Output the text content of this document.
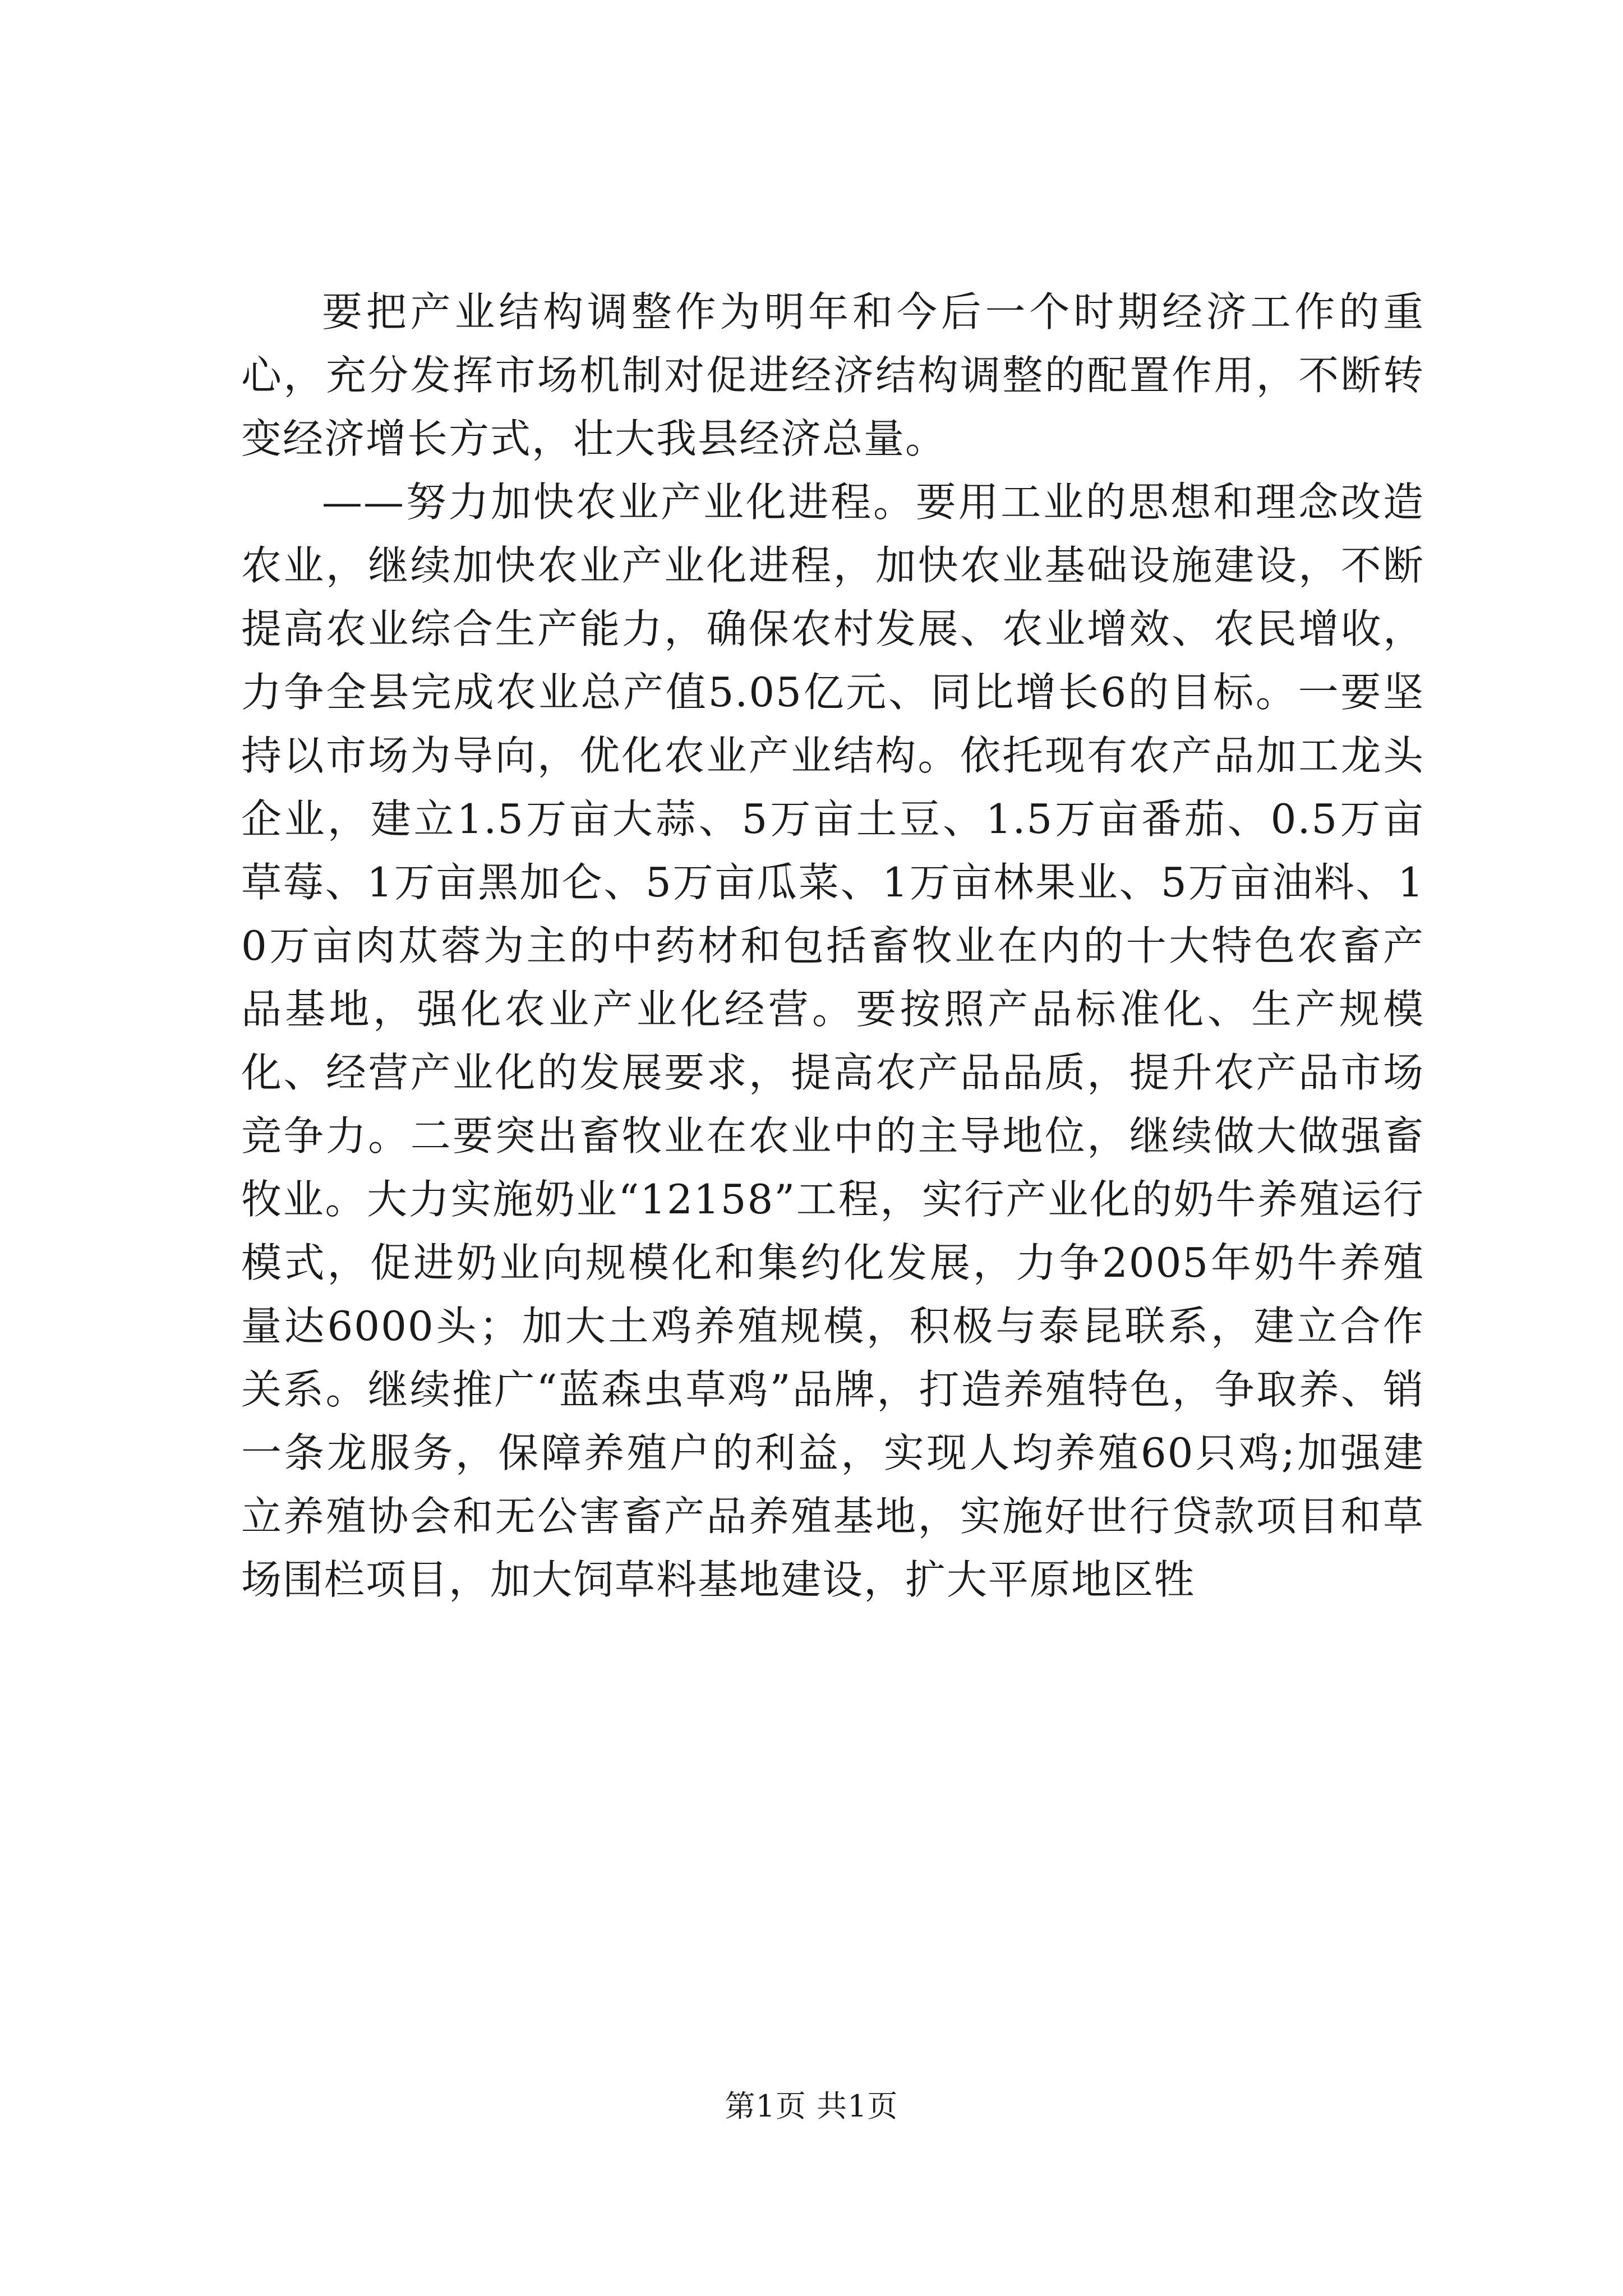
要把产业结构调整作为明年和今后一个时期经济工作的重心，充分发挥市场机制对促进经济结构调整的配置作用，不断转变经济增长方式，壮大我县经济总量。

——努力加快农业产业化进程。要用工业的思想和理念改造农业，继续加快农业产业化进程，加快农业基础设施建设，不断提高农业综合生产能力，确保农村发展、农业增效、农民增收，力争全县完成农业总产值5.05亿元、同比增长6的目标。一要坚持以市场为导向，优化农业产业结构。依托现有农产品加工龙头企业，建立1.5万亩大蒜、5万亩土豆、1.5万亩番茄、0.5万亩草莓、1万亩黑加仑、5万亩瓜菜、1万亩林果业、5万亩油料、10万亩肉苁蓉为主的中药材和包括畜牧业在内的十大特色农畜产品基地，强化农业产业化经营。要按照产品标准化、生产规模化、经营产业化的发展要求，提高农产品品质，提升农产品市场竞争力。二要突出畜牧业在农业中的主导地位，继续做大做强畜牧业。大力实施奶业“12158”工程，实行产业化的奶牛养殖运行模式，促进奶业向规模化和集约化发展，力争2005年奶牛养殖量达6000头；加大土鸡养殖规模，积极与泰昆联系，建立合作关系。继续推广“蓝森虫草鸡”品牌，打造养殖特色，争取养、销一条龙服务，保障养殖户的利益，实现人均养殖60只鸡;加强建立养殖协会和无公害畜产品养殖基地，实施好世行贷款项目和草场围栏项目，加大饲草料基地建设，扩大平原地区牲

第1页 共1页
